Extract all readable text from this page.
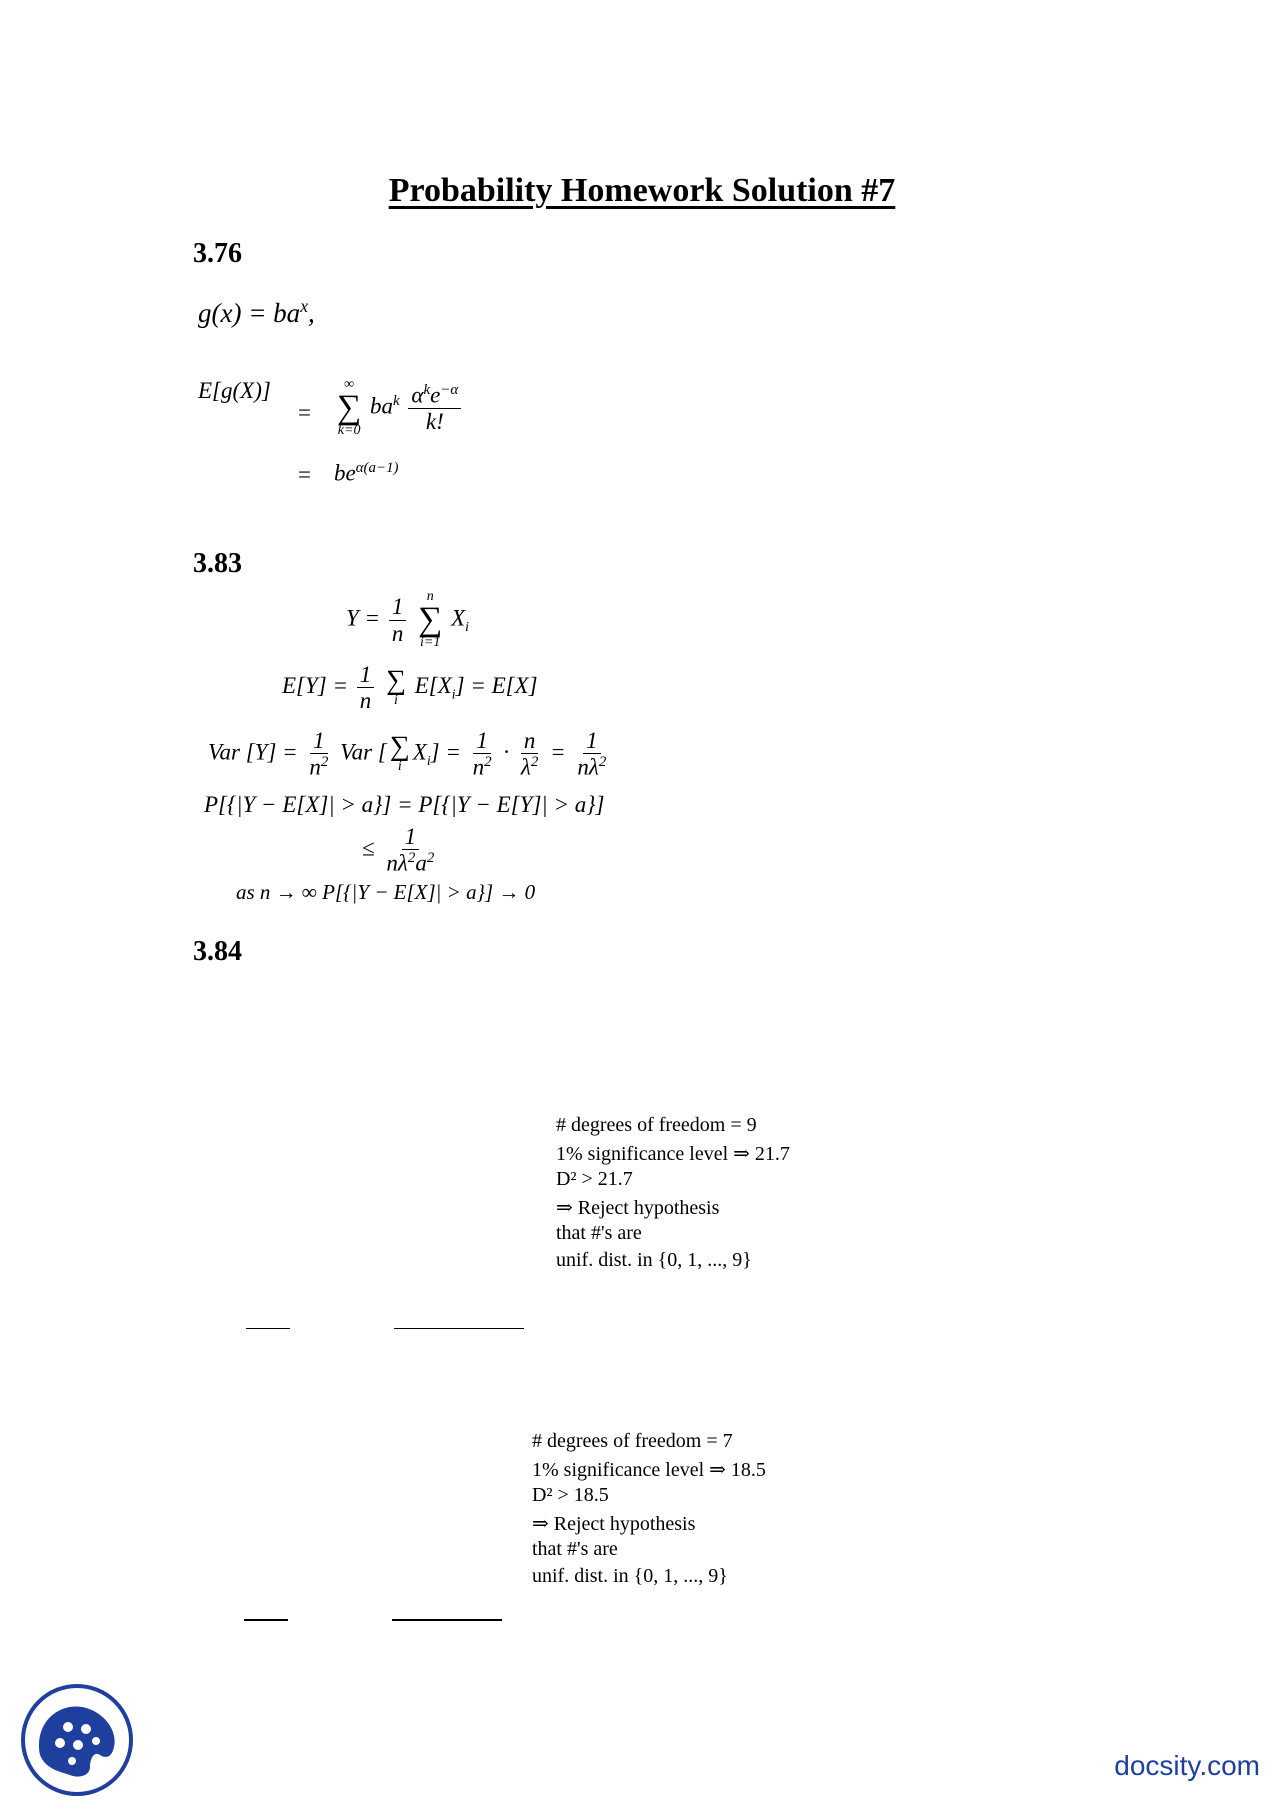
Probability Homework Solution #7
3.76
$g(x) = ba^x$,
E[g(X)]
=
∞
∑
k=0
$ba^k \frac{\alpha^ke^{-\alpha}}{k!}$
= $be^{\alpha(a-1)}$
3.83
$Y = \frac{1}{n}$
n
∑
i=1
$X_i$
$E[Y] = \frac{1}{n}$
∑
i
$E[X_i] = E[X]$
Var $[Y] = \frac{1}{n^2}$ Var [ ∑
i
$X_i] = \frac{1}{n^2} \cdot \frac{n}{\lambda^2} = \frac{1}{n\lambda^2}$
P[{|Y − E[X]| > a}] = P[{|Y − E[Y]| > a}]
≤ $\frac{1}{n\lambda^2a^2}$
as n → ∞ P[{|Y − E[X]| > a}] → 0
3.84
# degrees of freedom = 9
1% significance level ⇒ 21.7
D² > 21.7
⇒ Reject hypothesis
that #'s are
unif. dist. in {0, 1, ..., 9}
# degrees of freedom = 7
1% significance level ⇒ 18.5
D² > 18.5
⇒ Reject hypothesis
that #'s are
unif. dist. in {0, 1, ..., 9}
docsity.com
